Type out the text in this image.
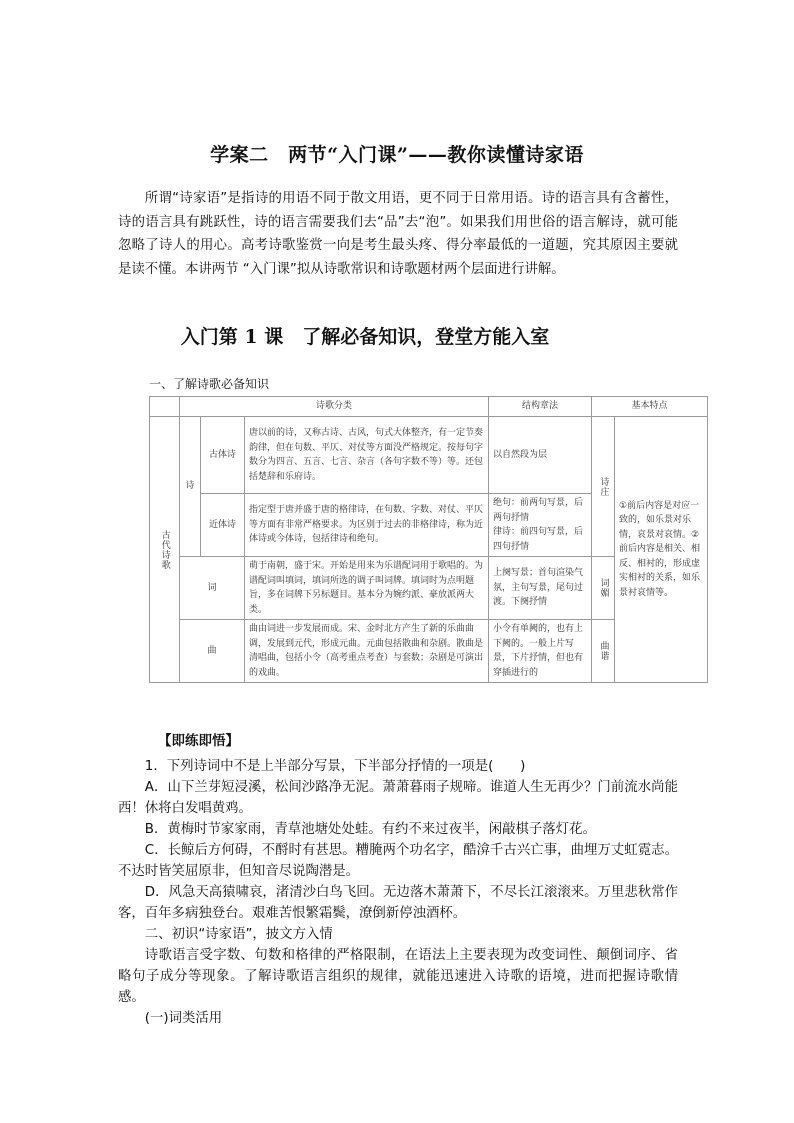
学案二　两节“入门课”——教你读懂诗家语

所谓“诗家语”是指诗的用语不同于散文用语，更不同于日常用语。诗的语言具有含蓄性，诗的语言具有跳跃性，诗的语言需要我们去“品”去“泡”。如果我们用世俗的语言解诗，就可能忽略了诗人的用心。高考诗歌鉴赏一向是考生最头疼、得分率最低的一道题，究其原因主要就是读不懂。本讲两节 “入门课”拟从诗歌常识和诗歌题材两个层面进行讲解。

入门第 1 课　了解必备知识，登堂方能入室
一、了解诗歌必备知识
	诗歌分类			结构章法	基本特点	

古代诗歌	诗	古体诗	唐以前的诗，又称古诗、古风，句式大体整齐，有一定节奏韵律，但在句数、平仄、对仗等方面没严格规定。按每句字数分为四言、五言、七言、杂言（各句字数不等）等。还包括楚辞和乐府诗。	以自然段为层	诗庄	①前后内容是对应一致的，如乐景对乐情，哀景对哀情。②前后内容是相关、相反、相衬的，形成虚实相衬的关系，如乐景衬哀情等。
		近体诗	指定型于唐并盛于唐的格律诗，在句数、字数、对仗、平仄等方面有非常严格要求。为区别于过去的非格律诗，称为近体诗或今体诗，包括律诗和绝句。	绝句：前两句写景，后两句抒情
律诗：前四句写景，后四句抒情		
	词		萌于南朝，盛于宋。开始是用来为乐谱配词用于歌唱的。为谱配词叫填词，填词所选的调子叫词牌。填词时为点明题旨，多在词牌下另标题目。基本分为婉约派、豪放派两大类。	上阕写景；首句渲染气氛，主句写景，尾句过渡。下阕抒情	词媚	

	曲		曲由词进一步发展而成。宋、金时北方产生了新的乐曲曲调，发展到元代，形成元曲。元曲包括散曲和杂剧。散曲是清唱曲，包括小令（高考重点考查）与套数；杂剧是可演出的戏曲。	小令有单阙的，也有上下阙的。一般上片写景，下片抒情，但也有穿插进行的	曲谐	
【即练即悟】

1．下列诗词中不是上半部分写景，下半部分抒情的一项是(　　)

A．山下兰芽短浸溪，松间沙路净无泥。萧萧暮雨子规啼。谁道人生无再少？门前流水尚能西！休将白发唱黄鸡。

B．黄梅时节家家雨，青草池塘处处蛙。有约不来过夜半，闲敲棋子落灯花。

C．长鲸后方何碍，不酹时有甚思。糟腌两个功名字，酷渰千古兴亡事，曲埋万丈虹霓志。不达时皆笑屈原非，但知音尽说陶潜是。

D．风急天高猿啸哀，渚清沙白鸟飞回。无边落木萧萧下，不尽长江滚滚来。万里悲秋常作客，百年多病独登台。艰难苦恨繁霜鬓，潦倒新停浊酒杯。

二、初识“诗家语”，披文方入情

诗歌语言受字数、句数和格律的严格限制，在语法上主要表现为改变词性、颠倒词序、省略句子成分等现象。了解诗歌语言组织的规律，就能迅速进入诗歌的语境，进而把握诗歌情感。

(一)词类活用
